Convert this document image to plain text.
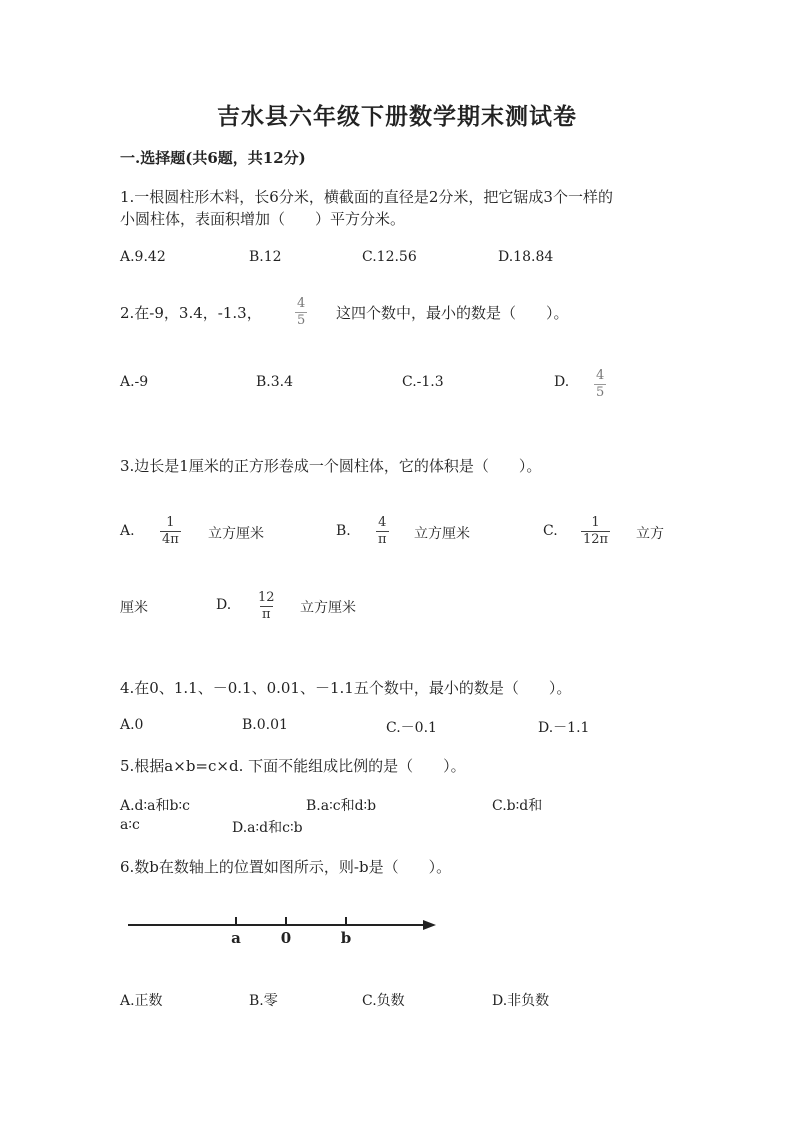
吉水县六年级下册数学期末测试卷
一.选择题(共6题，共12分)
1.一根圆柱形木料，长6分米，横截面的直径是2分米，把它锯成3个一样的
小圆柱体，表面积增加（　　）平方分米。
A.9.42	B.12	C.12.56	D.18.84
2.在-9，3.4，-1.3，	$\frac{4}{5}$ 这四个数中，最小的数是（　　）。
A.-9	B.3.4	C.-1.3	D. $\frac{4}{5}$
3.边长是1厘米的正方形卷成一个圆柱体，它的体积是（　　）。
A. $\frac{1}{4\pi}$ 立方厘米	B. $\frac{4}{\pi}$ 立方厘米	C. $\frac{1}{12\pi}$ 立方
厘米	D. $\frac{12}{\pi}$ 立方厘米
4.在0、1.1、－0.1、0.01、－1.1五个数中，最小的数是（　　）。
A.0	B.0.01	C.－0.1	D.－1.1
5.根据a×b=c×d. 下面不能组成比例的是（　　）。
A.d∶a和b∶c	B.a∶c和d∶b	C.b∶d和
a∶c	D.a∶d和c∶b
6.数b在数轴上的位置如图所示，则-b是（　　）。
a	0	b
A.正数	B.零	C.负数	D.非负数
